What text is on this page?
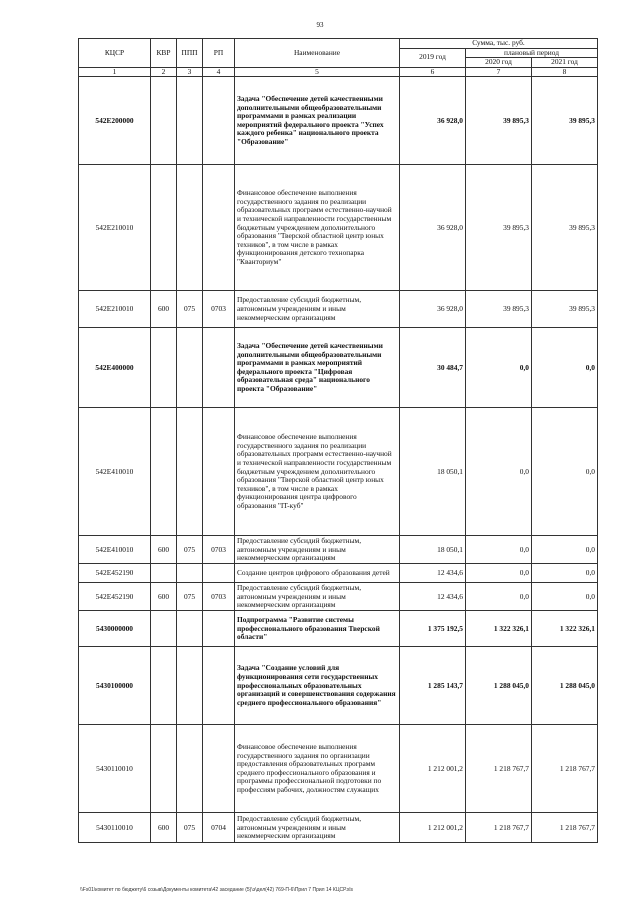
93
КЦСР	КВР	ППП	РП	Наименование	Сумма, тыс. руб.		
					2019 год	плановый период	
						2020 год	2021 год
1	2	3	4	5	6	7	8
542E200000				Задача "Обеспечение детей качественными дополнительными общеобразовательными программами в рамках реализации мероприятий федерального проекта "Успех каждого ребенка" национального проекта "Образование"	36 928,0	39 895,3	39 895,3
542E210010				Финансовое обеспечение выполнения государственного задания по реализации образовательных программ естественно-научной и технической направленности государственным бюджетным учреждением дополнительного образования "Тверской областной центр юных техников", в том числе в рамках функционирования детского технопарка "Кванториум"	36 928,0	39 895,3	39 895,3
542E210010	600	075	0703	Предоставление субсидий бюджетным, автономным учреждениям и иным некоммерческим организациям	36 928,0	39 895,3	39 895,3
542E400000				Задача "Обеспечение детей качественными дополнительными общеобразовательными программами в рамках мероприятий федерального проекта "Цифровая образовательная среда" национального проекта "Образование"	30 484,7	0,0	0,0
542E410010				Финансовое обеспечение выполнения государственного задания по реализации образовательных программ естественно-научной и технической направленности государственным бюджетным учреждением дополнительного образования "Тверской областной центр юных техников", в том числе в рамках функционирования центра цифрового образования "IT-куб"	18 050,1	0,0	0,0
542E410010	600	075	0703	Предоставление субсидий бюджетным, автономным учреждениям и иным некоммерческим организациям	18 050,1	0,0	0,0
542E452190				Создание центров цифрового образования детей	12 434,6	0,0	0,0
542E452190	600	075	0703	Предоставление субсидий бюджетным, автономным учреждениям и иным некоммерческим организациям	12 434,6	0,0	0,0
5430000000				Подпрограмма "Развитие системы профессионального образования Тверской области"	1 375 192,5	1 322 326,1	1 322 326,1
5430100000				Задача "Создание условий для функционирования сети государственных профессиональных образовательных организаций и совершенствования содержания среднего профессионального образования"	1 285 143,7	1 288 045,0	1 288 045,0
5430110010				Финансовое обеспечение выполнения государственного задания по организации предоставления образовательных программ среднего профессионального образования и программы профессиональной подготовки по профессиям рабочих, должностям служащих	1 212 001,2	1 218 767,7	1 218 767,7
5430110010	600	075	0704	Предоставление субсидий бюджетным, автономным учреждениям и иным некоммерческим организациям	1 212 001,2	1 218 767,7	1 218 767,7
\\Fs01\комитет по бюджету\6 созыв\Документы комитета\42 заседание (5)\э\дел(42) 769-П-6\Прил 7 Прил 14 КЦСР.xls
